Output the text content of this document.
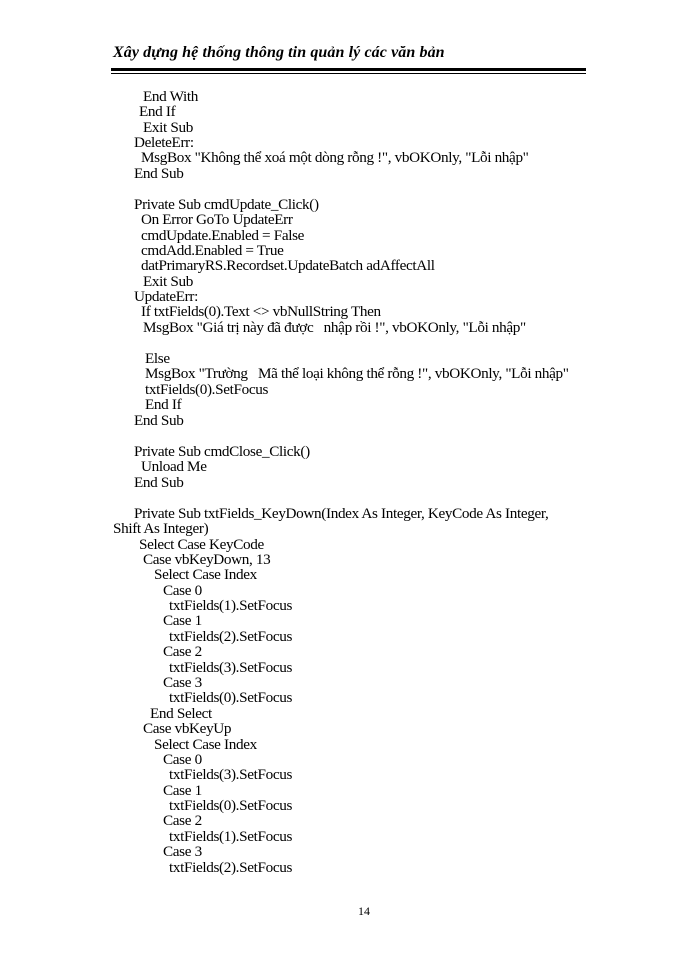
Xây dựng hệ thống thông tin quản lý các văn bản
End With
End If
Exit Sub
DeleteErr:
MsgBox "Không thể xoá một dòng rỗng !", vbOKOnly, "Lỗi nhập"
End Sub
Private Sub cmdUpdate_Click()
On Error GoTo UpdateErr
cmdUpdate.Enabled = False
cmdAdd.Enabled = True
datPrimaryRS.Recordset.UpdateBatch adAffectAll
Exit Sub
UpdateErr:
If txtFields(0).Text <> vbNullString Then
MsgBox "Giá trị này đã được   nhập rồi !", vbOKOnly, "Lỗi nhập"
Else
MsgBox "Trường   Mã thể loại không thể rỗng !", vbOKOnly, "Lỗi nhập"
txtFields(0).SetFocus
End If
End Sub
Private Sub cmdClose_Click()
Unload Me
End Sub
Private Sub txtFields_KeyDown(Index As Integer, KeyCode As Integer,
Shift As Integer)
Select Case KeyCode
Case vbKeyDown, 13
Select Case Index
Case 0
txtFields(1).SetFocus
Case 1
txtFields(2).SetFocus
Case 2
txtFields(3).SetFocus
Case 3
txtFields(0).SetFocus
End Select
Case vbKeyUp
Select Case Index
Case 0
txtFields(3).SetFocus
Case 1
txtFields(0).SetFocus
Case 2
txtFields(1).SetFocus
Case 3
txtFields(2).SetFocus
14
